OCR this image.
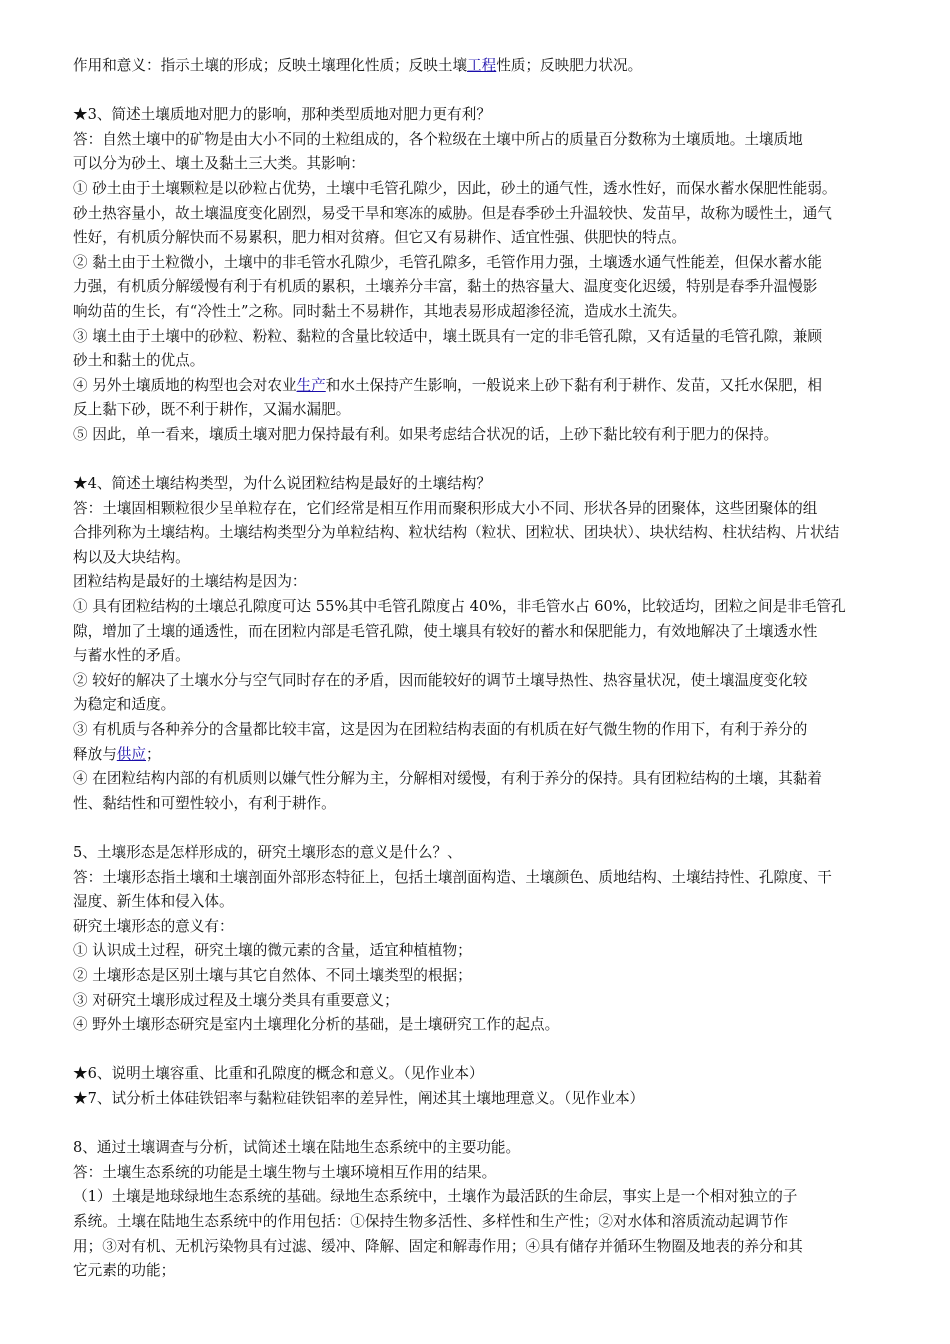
作用和意义：指示土壤的形成；反映土壤理化性质；反映土壤工程性质；反映肥力状况。
★3、简述土壤质地对肥力的影响，那种类型质地对肥力更有利？
答：自然土壤中的矿物是由大小不同的土粒组成的，各个粒级在土壤中所占的质量百分数称为土壤质地。土壤质地
可以分为砂土、壤土及黏土三大类。其影响：
① 砂土由于土壤颗粒是以砂粒占优势，土壤中毛管孔隙少，因此，砂土的通气性，透水性好，而保水蓄水保肥性能弱。
砂土热容量小，故土壤温度变化剧烈，易受干旱和寒冻的威胁。但是春季砂土升温较快、发苗早，故称为暖性土，通气
性好，有机质分解快而不易累积，肥力相对贫瘠。但它又有易耕作、适宜性强、供肥快的特点。
② 黏土由于土粒微小，土壤中的非毛管水孔隙少，毛管孔隙多，毛管作用力强，土壤透水通气性能差，但保水蓄水能
力强，有机质分解缓慢有利于有机质的累积，土壤养分丰富，黏土的热容量大、温度变化迟缓，特别是春季升温慢影
响幼苗的生长，有“冷性土”之称。同时黏土不易耕作，其地表易形成超渗径流，造成水土流失。
③ 壤土由于土壤中的砂粒、粉粒、黏粒的含量比较适中，壤土既具有一定的非毛管孔隙，又有适量的毛管孔隙，兼顾
砂土和黏土的优点。
④ 另外土壤质地的构型也会对农业生产和水土保持产生影响，一般说来上砂下黏有利于耕作、发苗，又托水保肥，相
反上黏下砂，既不利于耕作，又漏水漏肥。
⑤ 因此，单一看来，壤质土壤对肥力保持最有利。如果考虑结合状况的话，上砂下黏比较有利于肥力的保持。
★4、简述土壤结构类型，为什么说团粒结构是最好的土壤结构？
答：土壤固相颗粒很少呈单粒存在，它们经常是相互作用而聚积形成大小不同、形状各异的团聚体，这些团聚体的组
合排列称为土壤结构。土壤结构类型分为单粒结构、粒状结构（粒状、团粒状、团块状）、块状结构、柱状结构、片状结
构以及大块结构。
团粒结构是最好的土壤结构是因为：
① 具有团粒结构的土壤总孔隙度可达 55%其中毛管孔隙度占 40%，非毛管水占 60%，比较适均，团粒之间是非毛管孔
隙，增加了土壤的通透性，而在团粒内部是毛管孔隙，使土壤具有较好的蓄水和保肥能力，有效地解决了土壤透水性
与蓄水性的矛盾。
② 较好的解决了土壤水分与空气同时存在的矛盾，因而能较好的调节土壤导热性、热容量状况，使土壤温度变化较
为稳定和适度。
③ 有机质与各种养分的含量都比较丰富，这是因为在团粒结构表面的有机质在好气微生物的作用下，有利于养分的
释放与供应；
④ 在团粒结构内部的有机质则以嫌气性分解为主，分解相对缓慢，有利于养分的保持。具有团粒结构的土壤，其黏着
性、黏结性和可塑性较小，有利于耕作。
5、土壤形态是怎样形成的，研究土壤形态的意义是什么？、
答：土壤形态指土壤和土壤剖面外部形态特征上，包括土壤剖面构造、土壤颜色、质地结构、土壤结持性、孔隙度、干
湿度、新生体和侵入体。
研究土壤形态的意义有：
① 认识成土过程，研究土壤的微元素的含量，适宜种植植物；
② 土壤形态是区别土壤与其它自然体、不同土壤类型的根据；
③ 对研究土壤形成过程及土壤分类具有重要意义；
④ 野外土壤形态研究是室内土壤理化分析的基础，是土壤研究工作的起点。
★6、说明土壤容重、比重和孔隙度的概念和意义。（见作业本）
★7、试分析土体硅铁铝率与黏粒硅铁铝率的差异性，阐述其土壤地理意义。（见作业本）
8、通过土壤调查与分析，试简述土壤在陆地生态系统中的主要功能。
答：土壤生态系统的功能是土壤生物与土壤环境相互作用的结果。
（1）土壤是地球绿地生态系统的基础。绿地生态系统中，土壤作为最活跃的生命层，事实上是一个相对独立的子
系统。土壤在陆地生态系统中的作用包括：①保持生物多活性、多样性和生产性；②对水体和溶质流动起调节作
用；③对有机、无机污染物具有过滤、缓冲、降解、固定和解毒作用；④具有储存并循环生物圈及地表的养分和其
它元素的功能；
